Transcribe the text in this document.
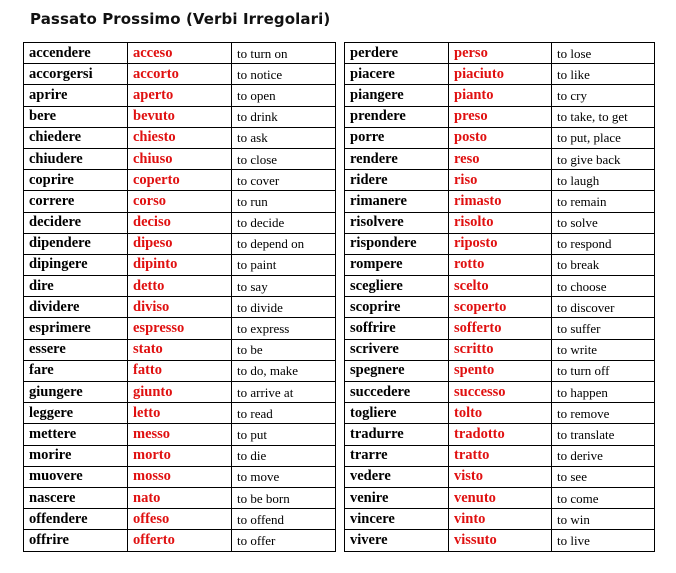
Passato Prossimo (Verbi Irregolari)
accendere	acceso	to turn on
accorgersi	accorto	to notice
aprire	aperto	to open
bere	bevuto	to drink
chiedere	chiesto	to ask
chiudere	chiuso	to close
coprire	coperto	to cover
correre	corso	to run
decidere	deciso	to decide
dipendere	dipeso	to depend on
dipingere	dipinto	to paint
dire	detto	to say
dividere	diviso	to divide
esprimere	espresso	to express
essere	stato	to be
fare	fatto	to do, make
giungere	giunto	to arrive at
leggere	letto	to read
mettere	messo	to put
morire	morto	to die
muovere	mosso	to move
nascere	nato	to be born
offendere	offeso	to offend
offrire	offerto	to offer
perdere	perso	to lose
piacere	piaciuto	to like
piangere	pianto	to cry
prendere	preso	to take, to get
porre	posto	to put, place
rendere	reso	to give back
ridere	riso	to laugh
rimanere	rimasto	to remain
risolvere	risolto	to solve
rispondere	riposto	to respond
rompere	rotto	to break
scegliere	scelto	to choose
scoprire	scoperto	to discover
soffrire	sofferto	to suffer
scrivere	scritto	to write
spegnere	spento	to turn off
succedere	successo	to happen
togliere	tolto	to remove
tradurre	tradotto	to translate
trarre	tratto	to derive
vedere	visto	to see
venire	venuto	to come
vincere	vinto	to win
vivere	vissuto	to live
